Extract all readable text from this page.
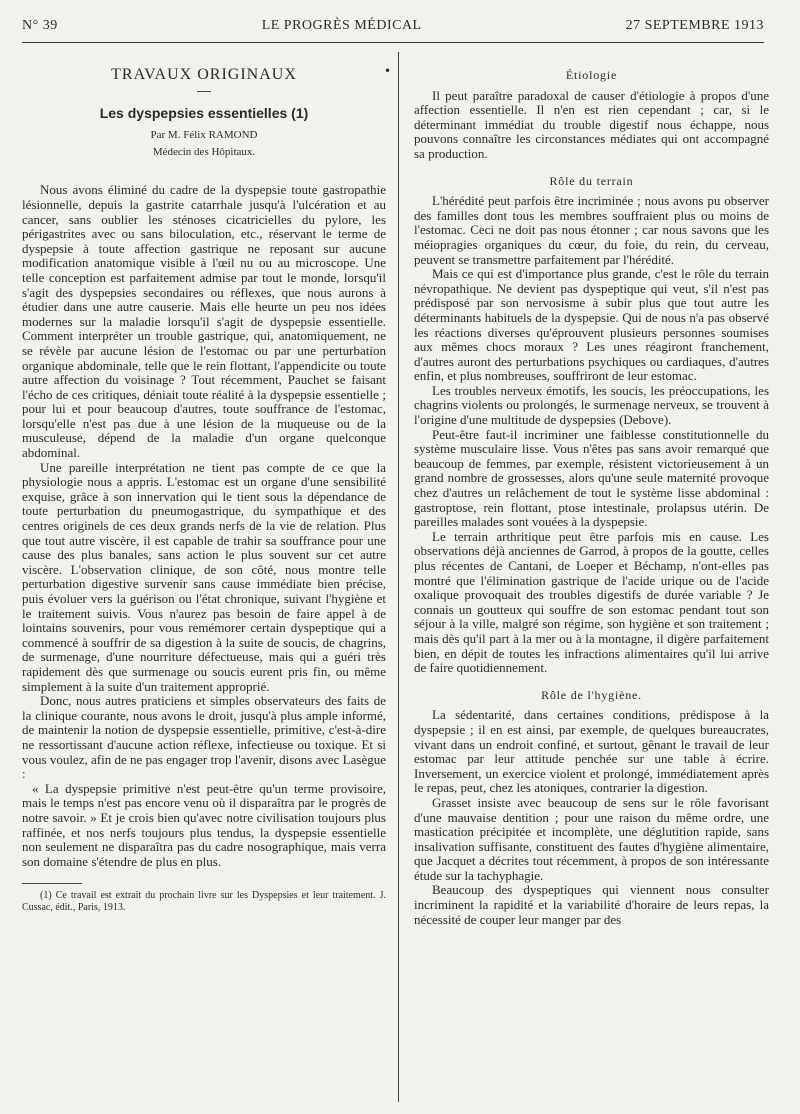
N° 39	LE PROGRÈS MÉDICAL	27 SEPTEMBRE 1913
•
TRAVAUX ORIGINAUX
Les dyspepsies essentielles (1)
Par M. Félix RAMOND
Médecin des Hôpitaux.

Nous avons éliminé du cadre de la dyspepsie toute gastropathie lésionnelle, depuis la gastrite catarrhale jusqu'à l'ulcération et au cancer, sans oublier les sténoses cicatricielles du pylore, les périgastrites avec ou sans biloculation, etc., réservant le terme de dyspepsie à toute affection gastrique ne reposant sur aucune modification anatomique visible à l'œil nu ou au microscope. Une telle conception est parfaitement admise par tout le monde, lorsqu'il s'agit des dyspepsies secondaires ou réflexes, que nous aurons à étudier dans une autre causerie. Mais elle heurte un peu nos idées modernes sur la maladie lorsqu'il s'agit de dyspepsie essentielle. Comment interpréter un trouble gastrique, qui, anatomiquement, ne se révèle par aucune lésion de l'estomac ou par une perturbation organique abdominale, telle que le rein flottant, l'appendicite ou toute autre affection du voisinage ? Tout récemment, Pauchet se faisant l'écho de ces critiques, déniait toute réalité à la dyspepsie essentielle ; pour lui et pour beaucoup d'autres, toute souffrance de l'estomac, lorsqu'elle n'est pas due à une lésion de la muqueuse ou de la musculeuse, dépend de la maladie d'un organe quelconque abdominal.

Une pareille interprétation ne tient pas compte de ce que la physiologie nous a appris. L'estomac est un organe d'une sensibilité exquise, grâce à son innervation qui le tient sous la dépendance de toute perturbation du pneumogastrique, du sympathique et des centres originels de ces deux grands nerfs de la vie de relation. Plus que tout autre viscère, il est capable de trahir sa souffrance pour une cause des plus banales, sans action le plus souvent sur cet autre viscère. L'observation clinique, de son côté, nous montre telle perturbation digestive survenir sans cause immédiate bien précise, puis évoluer vers la guérison ou l'état chronique, suivant l'hygiène et le traitement suivis. Vous n'aurez pas besoin de faire appel à de lointains souvenirs, pour vous remémorer certain dyspeptique qui a commencé à souffrir de sa digestion à la suite de soucis, de chagrins, de surmenage, d'une nourriture défectueuse, mais qui a guéri très rapidement dès que surmenage ou soucis eurent pris fin, ou même simplement à la suite d'un traitement approprié.

Donc, nous autres praticiens et simples observateurs des faits de la clinique courante, nous avons le droit, jusqu'à plus ample informé, de maintenir la notion de dyspepsie essentielle, primitive, c'est-à-dire ne ressortissant d'aucune action réflexe, infectieuse ou toxique. Et si vous voulez, afin de ne pas engager trop l'avenir, disons avec Lasègue :

« La dyspepsie primitive n'est peut-être qu'un terme provisoire, mais le temps n'est pas encore venu où il disparaîtra par le progrès de notre savoir. » Et je crois bien qu'avec notre civilisation toujours plus raffinée, et nos nerfs toujours plus tendus, la dyspepsie essentielle non seulement ne disparaîtra pas du cadre nosographique, mais verra son domaine s'étendre de plus en plus.

(1) Ce travail est extrait du prochain livre sur les Dyspepsies et leur traitement. J. Cussac, édit., Paris, 1913.

Étiologie

Il peut paraître paradoxal de causer d'étiologie à propos d'une affection essentielle. Il n'en est rien cependant ; car, si le déterminant immédiat du trouble digestif nous échappe, nous pouvons connaître les circonstances médiates qui ont accompagné sa production.

Rôle du terrain

L'hérédité peut parfois être incriminée ; nous avons pu observer des familles dont tous les membres souffraient plus ou moins de l'estomac. Ceci ne doit pas nous étonner ; car nous savons que les méiopragies organiques du cœur, du foie, du rein, du cerveau, peuvent se transmettre parfaitement par l'hérédité.

Mais ce qui est d'importance plus grande, c'est le rôle du terrain névropathique. Ne devient pas dyspeptique qui veut, s'il n'est pas prédisposé par son nervosisme à subir plus que tout autre les déterminants habituels de la dyspepsie. Qui de nous n'a pas observé les réactions diverses qu'éprouvent plusieurs personnes soumises aux mêmes chocs moraux ? Les unes réagiront franchement, d'autres auront des perturbations psychiques ou cardiaques, d'autres enfin, et plus nombreuses, souffriront de leur estomac.

Les troubles nerveux émotifs, les soucis, les préoccupations, les chagrins violents ou prolongés, le surmenage nerveux, se trouvent à l'origine d'une multitude de dyspepsies (Debove).

Peut-être faut-il incriminer une faiblesse constitutionnelle du système musculaire lisse. Vous n'êtes pas sans avoir remarqué que beaucoup de femmes, par exemple, résistent victorieusement à un grand nombre de grossesses, alors qu'une seule maternité provoque chez d'autres un relâchement de tout le système lisse abdominal : gastroptose, rein flottant, ptose intestinale, prolapsus utérin. De pareilles malades sont vouées à la dyspepsie.

Le terrain arthritique peut être parfois mis en cause. Les observations déjà anciennes de Garrod, à propos de la goutte, celles plus récentes de Cantani, de Loeper et Béchamp, n'ont-elles pas montré que l'élimination gastrique de l'acide urique ou de l'acide oxalique provoquait des troubles digestifs de durée variable ? Je connais un goutteux qui souffre de son estomac pendant tout son séjour à la ville, malgré son régime, son hygiène et son traitement ; mais dès qu'il part à la mer ou à la montagne, il digère parfaitement bien, en dépit de toutes les infractions alimentaires qu'il lui arrive de faire quotidiennement.

Rôle de l'hygiène.

La sédentarité, dans certaines conditions, prédispose à la dyspepsie ; il en est ainsi, par exemple, de quelques bureaucrates, vivant dans un endroit confiné, et surtout, gênant le travail de leur estomac par leur attitude penchée sur une table à écrire. Inversement, un exercice violent et prolongé, immédiatement après le repas, peut, chez les atoniques, contrarier la digestion.

Grasset insiste avec beaucoup de sens sur le rôle favorisant d'une mauvaise dentition ; pour une raison du même ordre, une mastication précipitée et incomplète, une déglutition rapide, sans insalivation suffisante, constituent des fautes d'hygiène alimentaire, que Jacquet a décrites tout récemment, à propos de son intéressante étude sur la tachyphagie.

Beaucoup des dyspeptiques qui viennent nous consulter incriminent la rapidité et la variabilité d'horaire de leurs repas, la nécessité de couper leur manger par des
